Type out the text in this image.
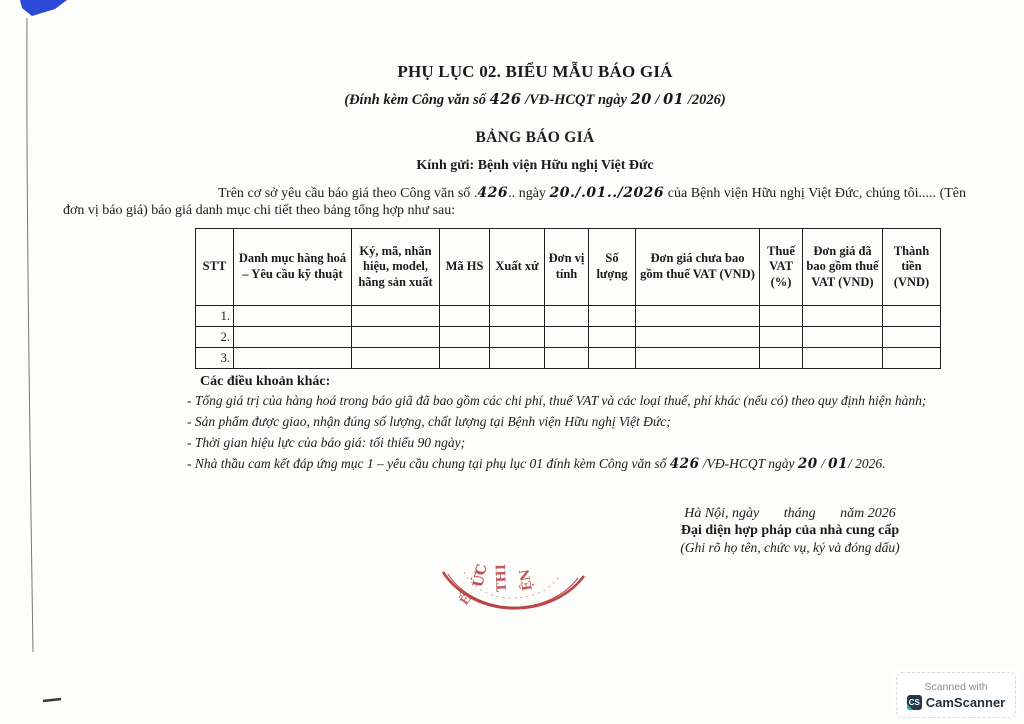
PHỤ LỤC 02. BIỂU MẪU BÁO GIÁ
(Đính kèm Công văn số 426 /VĐ-HCQT ngày 20 / 01 /2026)
BẢNG BÁO GIÁ
Kính gửi: Bệnh viện Hữu nghị Việt Đức
Trên cơ sở yêu cầu báo giá theo Công văn số .426.. ngày 20./.01../2026 của Bệnh viện Hữu nghị Việt Đức, chúng tôi..... (Tên đơn vị báo giá) báo giá danh mục chi tiết theo bảng tổng hợp như sau:
STT	Danh mục hàng hoá – Yêu cầu kỹ thuật	Ký, mã, nhãn hiệu, model, hãng sản xuất	Mã HS	Xuất xứ	Đơn vị tính	Số lượng	Đơn giá chưa bao gồm thuế VAT (VND)	Thuế VAT (%)	Đơn giá đã bao gồm thuế VAT (VND)	Thành tiền (VND)
1.										
2.										
3.										
Các điều khoản khác:
- Tổng giá trị của hàng hoá trong báo giã đã bao gồm các chi phí, thuế VAT và các loại thuế, phí khác (nếu có) theo quy định hiện hành;
- Sản phẩm được giao, nhận đúng số lượng, chất lượng tại Bệnh viện Hữu nghị Việt Đức;
- Thời gian hiệu lực của báo giá: tối thiểu 90 ngày;
- Nhà thầu cam kết đáp ứng mục 1 – yêu cầu chung tại phụ lục 01 đính kèm Công văn số 426 /VĐ-HCQT ngày 20 / 01/ 2026.
Hà Nội, ngày       tháng       năm 2026
Đại diện hợp pháp của nhà cung cấp
(Ghi rõ họ tên, chức vụ, ký và đóng dấu)
ỨC THI ỆN
Ế
Scanned with
CS CamScanner
